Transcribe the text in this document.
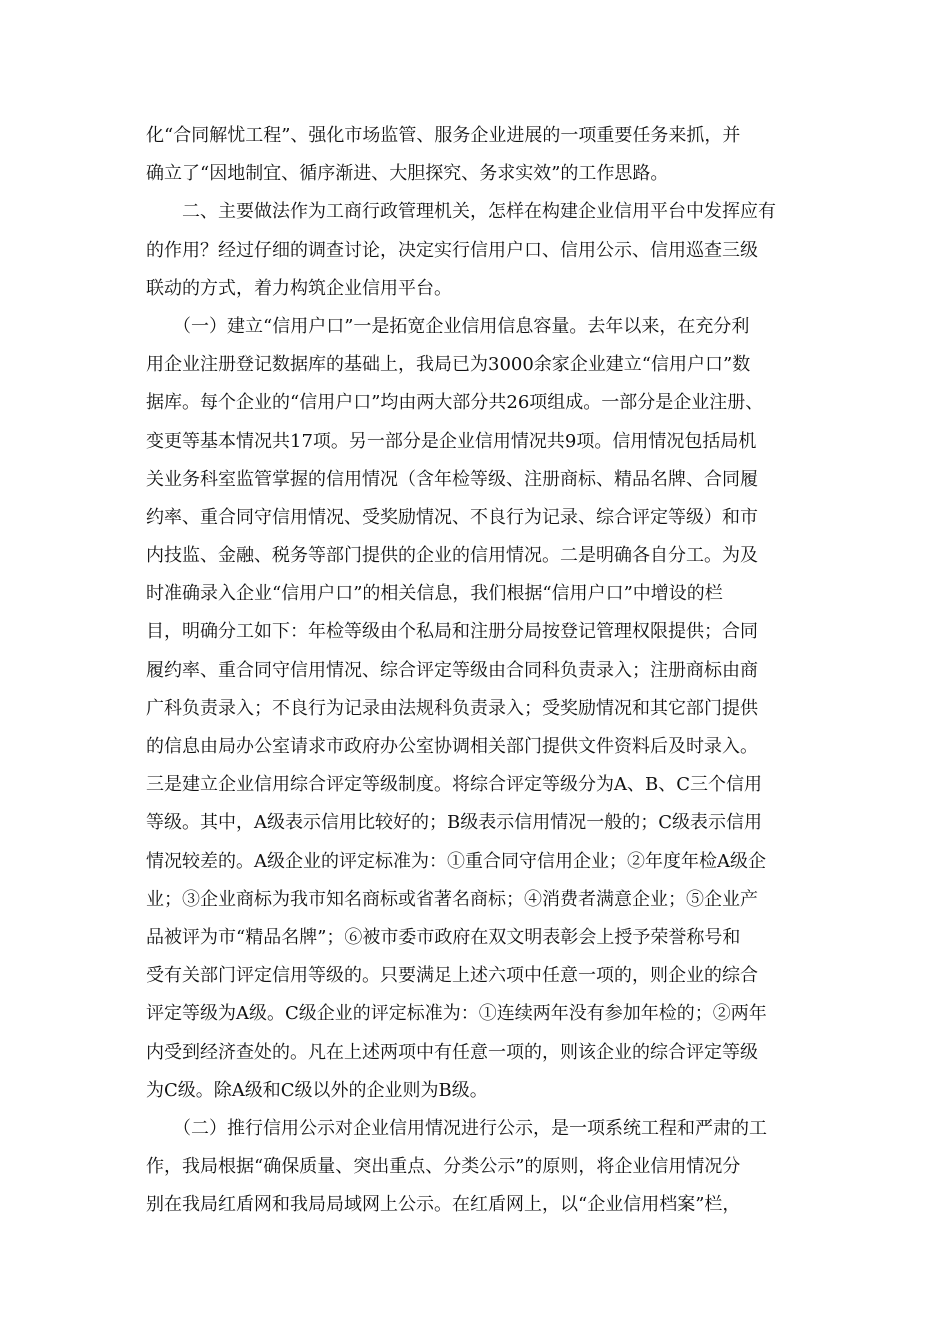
化“合同解忧工程”、强化市场监管、服务企业进展的一项重要任务来抓，并
确立了“因地制宜、循序渐进、大胆探究、务求实效”的工作思路。

　　二、主要做法作为工商行政管理机关，怎样在构建企业信用平台中发挥应有
的作用？经过仔细的调查讨论，决定实行信用户口、信用公示、信用巡查三级
联动的方式，着力构筑企业信用平台。

　　（一）建立“信用户口”一是拓宽企业信用信息容量。去年以来，在充分利
用企业注册登记数据库的基础上，我局已为3000余家企业建立“信用户口”数
据库。每个企业的“信用户口”均由两大部分共26项组成。一部分是企业注册、
变更等基本情况共17项。另一部分是企业信用情况共9项。信用情况包括局机
关业务科室监管掌握的信用情况（含年检等级、注册商标、精品名牌、合同履
约率、重合同守信用情况、受奖励情况、不良行为记录、综合评定等级）和市
内技监、金融、税务等部门提供的企业的信用情况。二是明确各自分工。为及
时准确录入企业“信用户口”的相关信息，我们根据“信用户口”中增设的栏
目，明确分工如下：年检等级由个私局和注册分局按登记管理权限提供；合同
履约率、重合同守信用情况、综合评定等级由合同科负责录入；注册商标由商
广科负责录入；不良行为记录由法规科负责录入；受奖励情况和其它部门提供
的信息由局办公室请求市政府办公室协调相关部门提供文件资料后及时录入。
三是建立企业信用综合评定等级制度。将综合评定等级分为A、B、C三个信用
等级。其中，A级表示信用比较好的；B级表示信用情况一般的；C级表示信用
情况较差的。A级企业的评定标准为：①重合同守信用企业；②年度年检A级企
业；③企业商标为我市知名商标或省著名商标；④消费者满意企业；⑤企业产
品被评为市“精品名牌”；⑥被市委市政府在双文明表彰会上授予荣誉称号和
受有关部门评定信用等级的。只要满足上述六项中任意一项的，则企业的综合
评定等级为A级。C级企业的评定标准为：①连续两年没有参加年检的；②两年
内受到经济查处的。凡在上述两项中有任意一项的，则该企业的综合评定等级
为C级。除A级和C级以外的企业则为B级。

　　（二）推行信用公示对企业信用情况进行公示，是一项系统工程和严肃的工
作，我局根据“确保质量、突出重点、分类公示”的原则，将企业信用情况分
别在我局红盾网和我局局域网上公示。在红盾网上，以“企业信用档案”栏，
